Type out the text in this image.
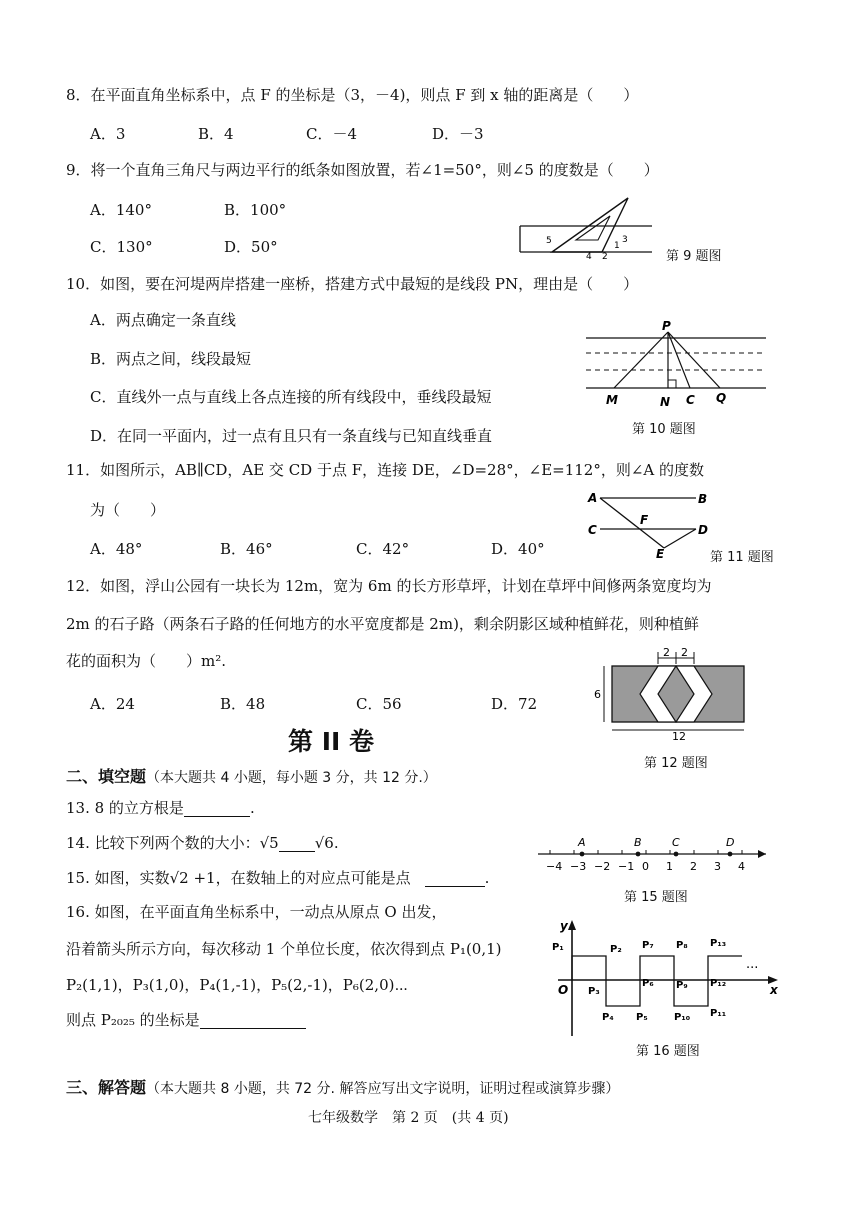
8．在平面直角坐标系中，点 F 的坐标是（3，－4)，则点 F 到 x 轴的距离是（　　）
A．3	B．4	C．－4	D．－3
9．将一个直角三角尺与两边平行的纸条如图放置，若∠1=50°，则∠5 的度数是（　　）
A．140°	B．100°
C．130°	D．50°	5
4 2
1
3
第 9 题图
10．如图，要在河堤两岸搭建一座桥，搭建方式中最短的是线段 PN，理由是（　　）
A．两点确定一条直线
B．两点之间，线段最短
C．直线外一点与直线上各点连接的所有线段中，垂线段最短
D．在同一平面内，过一点有且只有一条直线与已知直线垂直
P
M	N C Q
第 10 题图
11．如图所示，AB∥CD，AE 交 CD 于点 F，连接 DE，∠D=28°，∠E=112°，则∠A 的度数
为（　　）
A．48°	B．46°	C．42°	D．40°
A	B
C
F
D
E	第 11 题图
12．如图，浮山公园有一块长为 12m，宽为 6m 的长方形草坪，计划在草坪中间修两条宽度均为
2m 的石子路（两条石子路的任何地方的水平宽度都是 2m)，剩余阴影区域种植鲜花，则种植鲜
花的面积为（　　）m².
A．24	B．48	C．56	D．72
2 2
6
12
第 12 题图
第 II 卷
二、填空题（本大题共 4 小题，每小题 3 分，共 12 分.）
13. 8 的立方根是	.
14. 比较下列两个数的大小：√5 √6.
15. 如图，实数√2 +1，在数轴上的对应点可能是点	.
−4 −3 −2 −1 0 1 2 3 4
A	B	C	D
第 15 题图
16. 如图，在平面直角坐标系中，一动点从原点 O 出发，
沿着箭头所示方向，每次移动 1 个单位长度，依次得到点 P₁(0,1)
P₂(1,1)，P₃(1,0)，P₄(1,-1)，P₅(2,-1)，P₆(2,0)⋯
则点 P₂₀₂₅ 的坐标是
y
x
O
···
P₁	P₂
P₃
P₄ P₅
P₆
P₇ P₈
P₉
P₁₀ P₁₁
P₁₂
P₁₃
第 16 题图
三、解答题（本大题共 8 小题，共 72 分. 解答应写出文字说明，证明过程或演算步骤）
七年级数学　第 2 页　(共 4 页)
